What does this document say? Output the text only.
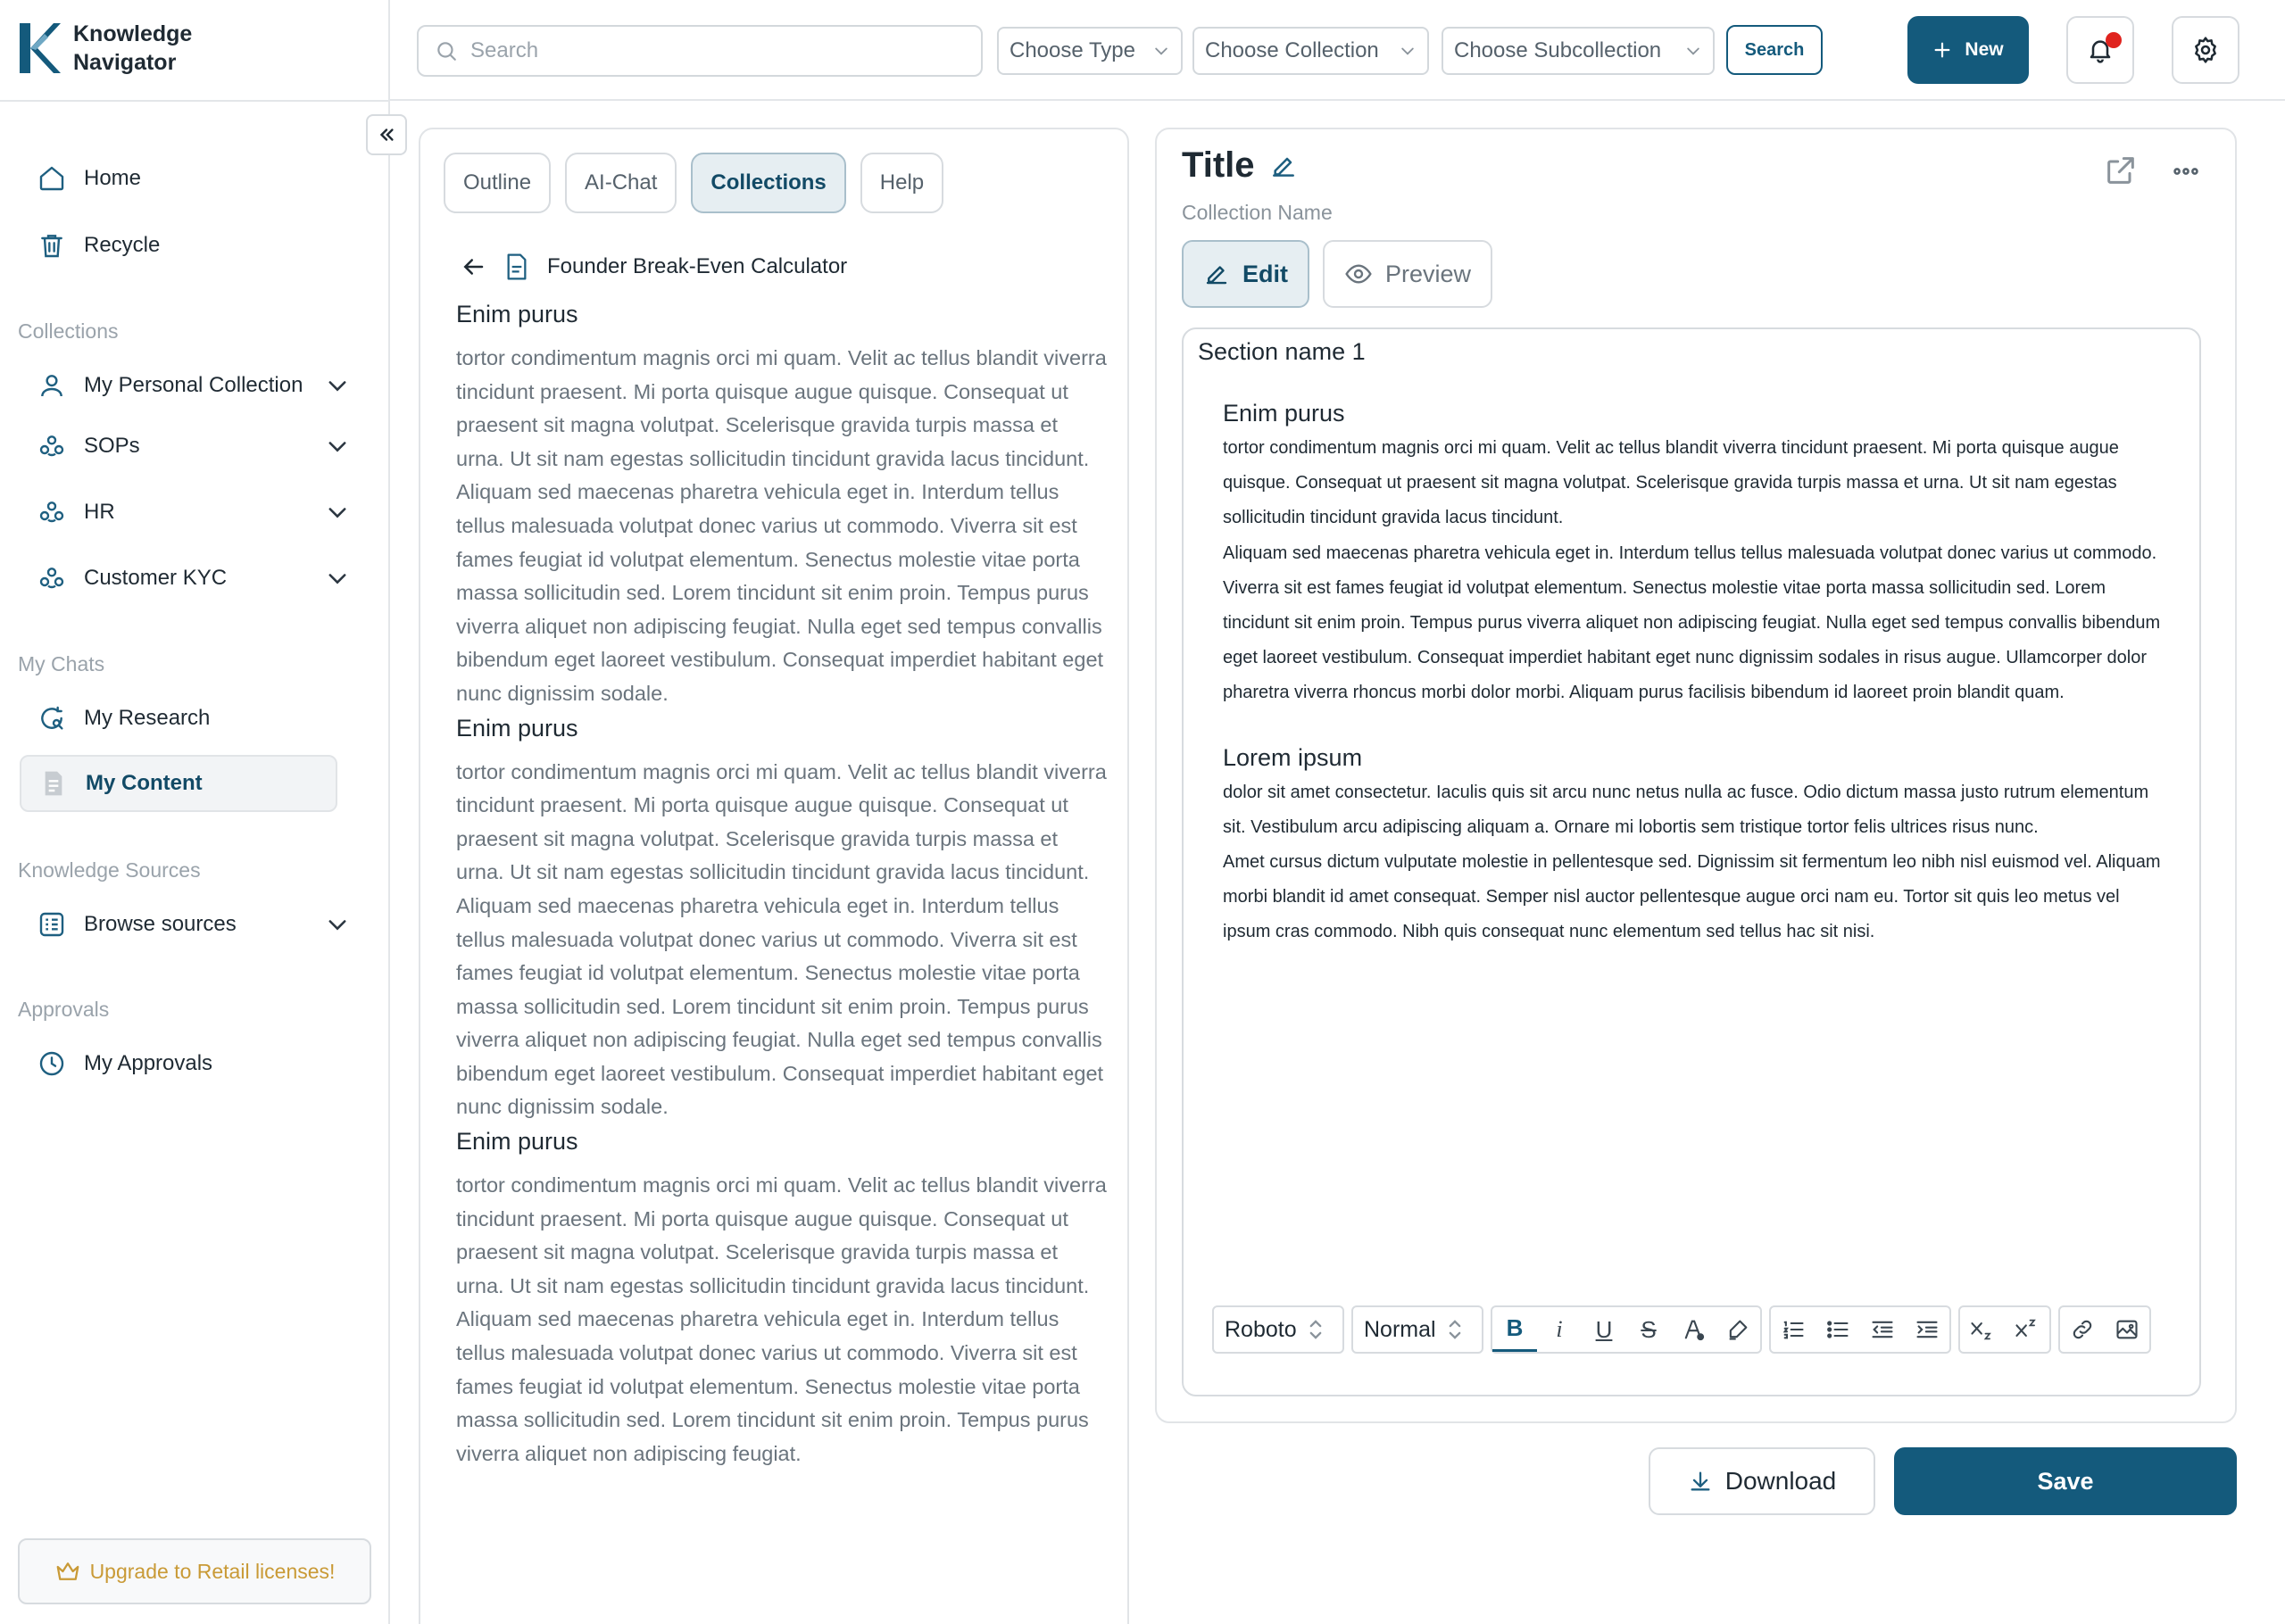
Knowledge
Navigator
Home
Recycle
Collections
My Personal Collection
SOPs
HR
Customer KYC
My Chats
My Research
My Content
Knowledge Sources
Browse sources
Approvals
My Approvals
Upgrade to Retail licenses!
Search	Choose Type	Choose Collection	Choose Subcollection	Search	New
Outline	AI-Chat	Collections	Help
Founder Break-Even Calculator
Enim purus

tortor condimentum magnis orci mi quam. Velit ac tellus blandit viverra tincidunt praesent. Mi porta quisque augue quisque. Consequat ut praesent sit magna volutpat. Scelerisque gravida turpis massa et urna. Ut sit nam egestas sollicitudin tincidunt gravida lacus tincidunt.

Aliquam sed maecenas pharetra vehicula eget in. Interdum tellus tellus malesuada volutpat donec varius ut commodo. Viverra sit est fames feugiat id volutpat elementum. Senectus molestie vitae porta massa sollicitudin sed. Lorem tincidunt sit enim proin. Tempus purus viverra aliquet non adipiscing feugiat. Nulla eget sed tempus convallis bibendum eget laoreet vestibulum. Consequat imperdiet habitant eget nunc dignissim sodale.

Enim purus

tortor condimentum magnis orci mi quam. Velit ac tellus blandit viverra tincidunt praesent. Mi porta quisque augue quisque. Consequat ut praesent sit magna volutpat. Scelerisque gravida turpis massa et urna. Ut sit nam egestas sollicitudin tincidunt gravida lacus tincidunt.

Aliquam sed maecenas pharetra vehicula eget in. Interdum tellus tellus malesuada volutpat donec varius ut commodo. Viverra sit est fames feugiat id volutpat elementum. Senectus molestie vitae porta massa sollicitudin sed. Lorem tincidunt sit enim proin. Tempus purus viverra aliquet non adipiscing feugiat. Nulla eget sed tempus convallis bibendum eget laoreet vestibulum. Consequat imperdiet habitant eget nunc dignissim sodale.

Enim purus

tortor condimentum magnis orci mi quam. Velit ac tellus blandit viverra tincidunt praesent. Mi porta quisque augue quisque. Consequat ut praesent sit magna volutpat. Scelerisque gravida turpis massa et urna. Ut sit nam egestas sollicitudin tincidunt gravida lacus tincidunt.

Aliquam sed maecenas pharetra vehicula eget in. Interdum tellus tellus malesuada volutpat donec varius ut commodo. Viverra sit est fames feugiat id volutpat elementum. Senectus molestie vitae porta massa sollicitudin sed. Lorem tincidunt sit enim proin. Tempus purus viverra aliquet non adipiscing feugiat.

Title
Collection Name
Edit	Preview
Section name 1
Enim purus

tortor condimentum magnis orci mi quam. Velit ac tellus blandit viverra tincidunt praesent. Mi porta quisque augue quisque. Consequat ut praesent sit magna volutpat. Scelerisque gravida turpis massa et urna. Ut sit nam egestas sollicitudin tincidunt gravida lacus tincidunt.

Aliquam sed maecenas pharetra vehicula eget in. Interdum tellus tellus malesuada volutpat donec varius ut commodo. Viverra sit est fames feugiat id volutpat elementum. Senectus molestie vitae porta massa sollicitudin sed. Lorem tincidunt sit enim proin. Tempus purus viverra aliquet non adipiscing feugiat. Nulla eget sed tempus convallis bibendum eget laoreet vestibulum. Consequat imperdiet habitant eget nunc dignissim sodales in risus augue. Ullamcorper dolor pharetra viverra rhoncus morbi dolor morbi. Aliquam purus facilisis bibendum id laoreet proin blandit quam.

Lorem ipsum

dolor sit amet consectetur. Iaculis quis sit arcu nunc netus nulla ac fusce. Odio dictum massa justo rutrum elementum sit. Vestibulum arcu adipiscing aliquam a. Ornare mi lobortis sem tristique tortor felis ultrices risus nunc.

Amet cursus dictum vulputate molestie in pellentesque sed. Dignissim sit fermentum leo nibh nisl euismod vel. Aliquam morbi blandit id amet consequat. Semper nisl auctor pellentesque augue orci nam eu. Tortor sit quis leo metus vel ipsum cras commodo. Nibh quis consequat nunc elementum sed tellus hac sit nisi.

Roboto	Normal	B	i	U	S
Download	Save
